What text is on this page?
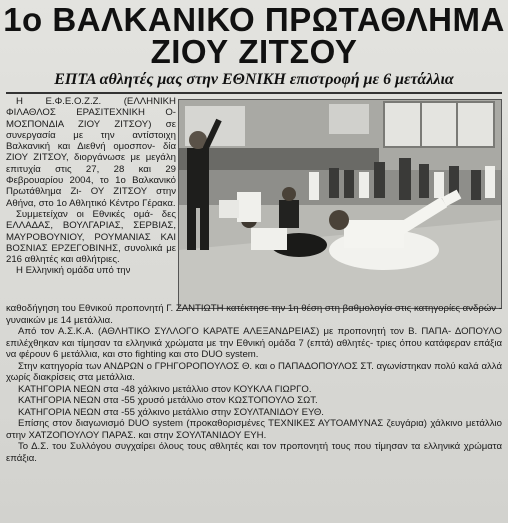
1ο ΒΑΛΚΑΝΙΚΟ ΠΡΩΤΑΘΛΗΜΑ
ΖΙΟΥ ΖΙΤΣΟΥ
ΕΠΤΑ αθλητές μας στην ΕΘΝΙΚΗ επιστροφή με 6 μετάλλια

Η Ε.Φ.Ε.Ο.Ζ.Ζ. (ΕΛΛΗΝΙΚΗ ΦΙΛΑΘΛΟΣ ΕΡΑΣΙΤΕΧΝΙΚΗ Ο- ΜΟΣΠΟΝΔΙΑ ΖΙΟΥ ΖΙΤΣΟΥ) σε συνεργασία με την αντίστοιχη Βαλκανική και Διεθνή ομοσπον- δία ΖΙΟΥ ΖΙΤΣΟΥ, διοργάνωσε με μεγάλη επιτυχία στις 27, 28 και 29 Φεβρουαρίου 2004, το 1ο Βαλκανικό Πρωτάθλημα Ζι- ΟΥ ΖΙΤΣΟΥ στην Αθήνα, στο 1ο Αθλητικό Κέντρο Γέρακα.

Συμμετείχαν οι Εθνικές ομά- δες ΕΛΛΑΔΑΣ, ΒΟΥΛΓΑΡΙΑΣ, ΣΕΡΒΙΑΣ, ΜΑΥΡΟΒΟΥΝΙΟΥ, ΡΟΥΜΑΝΙΑΣ ΚΑΙ ΒΟΣΝΙΑΣ ΕΡΖΕΓΟΒΙΝΗΣ, συνολικά με 216 αθλητές και αθλήτριες.

Η Ελληνική ομάδα υπό την

καθοδήγηση του Εθνικού προπονητή Γ. ΖΑΝΤΙΩΤΗ κατέκτησε την 1η θέση στη βαθμολογία στις κατηγορίες ανδρών - γυναικών με 14 μετάλλια.

Από τον Α.Σ.Κ.Α. (ΑΘΛΗΤΙΚΟ ΣΥΛΛΟΓΟ ΚΑΡΑΤΕ ΑΛΕΞΑΝΔΡΕΙΑΣ) με προπονητή τον Β. ΠΑΠΑ- ΔΟΠΟΥΛΟ επιλέχθηκαν και τίμησαν τα ελληνικά χρώματα με την Εθνική ομάδα 7 (επτά) αθλητές- τριες όπου κατάφεραν επάξια να φέρουν 6 μετάλλια, και στο fighting και στο DUO system.

Στην κατηγορία των ΑΝΔΡΩΝ ο ΓΡΗΓΟΡΟΠΟΥΛΟΣ Θ. και ο ΠΑΠΑΔΟΠΟΥΛΟΣ ΣΤ. αγωνίστηκαν πολύ καλά αλλά χωρίς διακρίσεις στα μετάλλια.

ΚΑΤΗΓΟΡΙΑ ΝΕΩΝ στα -48 χάλκινο μετάλλιο στον ΚΟΥΚΛΑ ΓΙΩΡΓΟ.

ΚΑΤΗΓΟΡΙΑ ΝΕΩΝ στα -55 χρυσό μετάλλιο στον ΚΩΣΤΟΠΟΥΛΟ ΣΩΤ.

ΚΑΤΗΓΟΡΙΑ ΝΕΩΝ στα -55 χάλκινο μετάλλιο στην ΣΟΥΛΤΑΝΙΔΟΥ ΕΥΘ.

Επίσης στον διαγωνισμό DUO system (προκαθορισμένες ΤΕΧΝΙΚΕΣ ΑΥΤΟΑΜΥΝΑΣ ζευγάρια) χάλκινο μετάλλιο στην ΧΑΤΖΟΠΟΥΛΟΥ ΠΑΡΑΣ. και στην ΣΟΥΛΤΑΝΙΔΟΥ ΕΥΗ.

Το Δ.Σ. του Συλλόγου συγχαίρει όλους τους αθλητές και τον προπονητή τους που τίμησαν τα ελληνικά χρώματα επάξια.
